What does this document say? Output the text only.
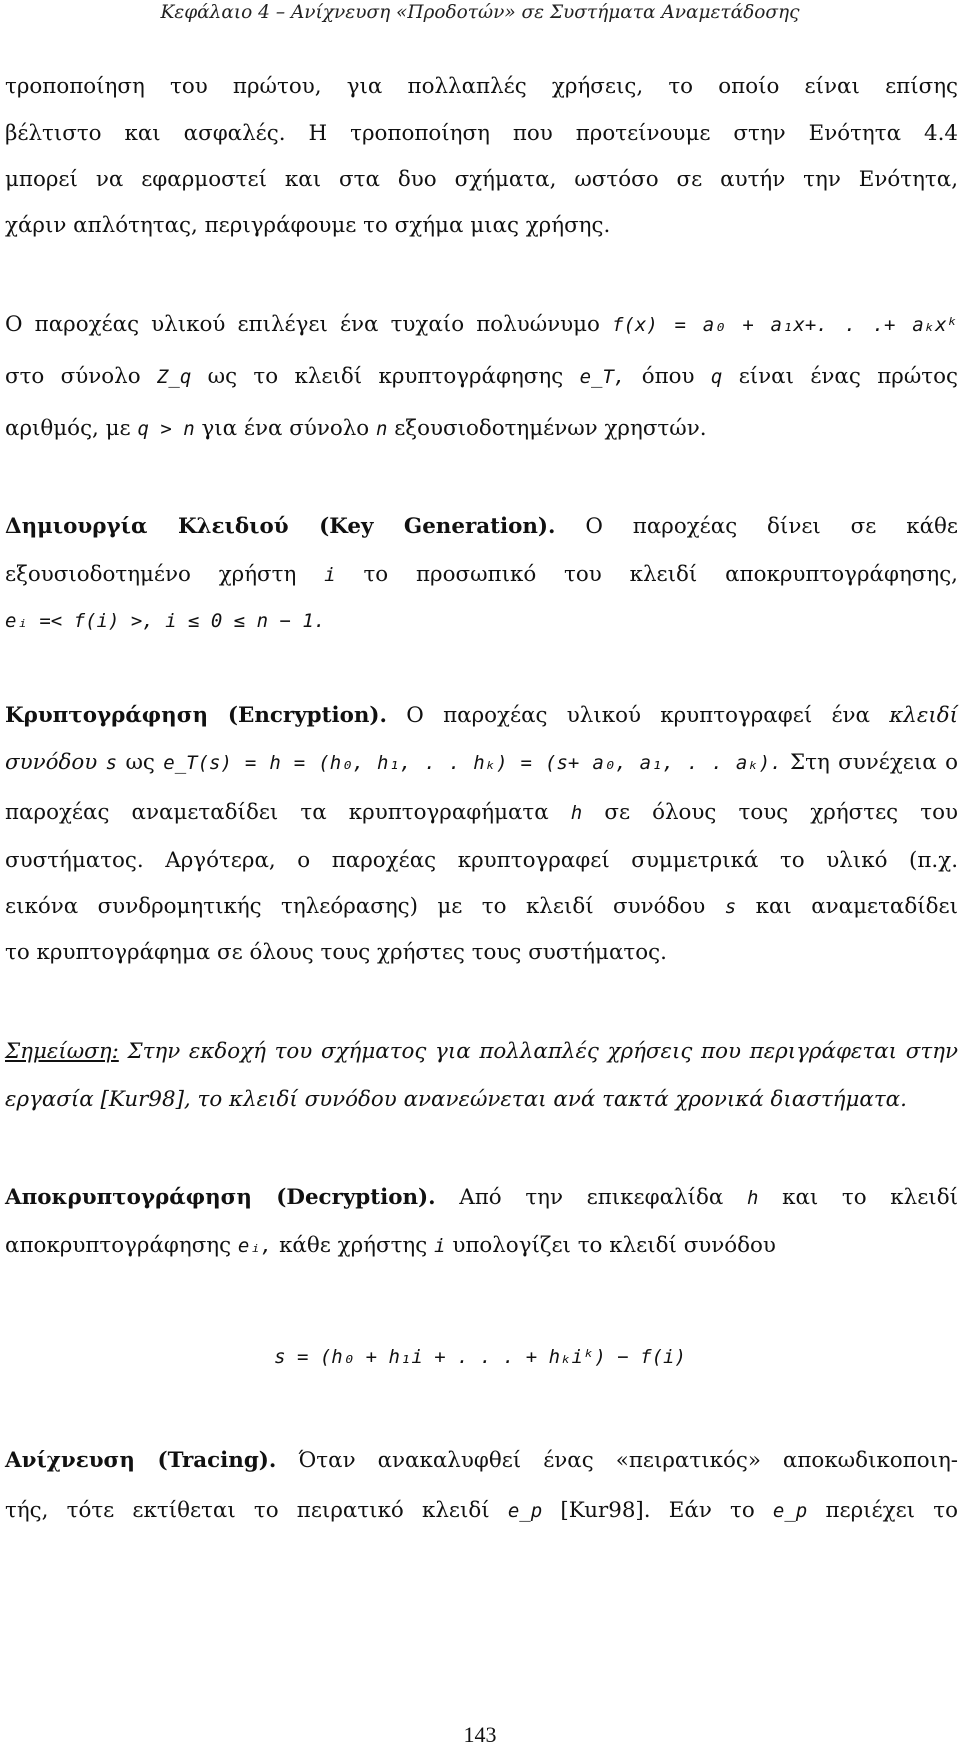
Κεφάλαιο 4 – Ανίχνευση «Προδοτών» σε Συστήματα Αναμετάδοσης
τροποποίηση του πρώτου, για πολλαπλές χρήσεις, το οποίο είναι επίσης
βέλτιστο και ασφαλές. Η τροποποίηση που προτείνουμε στην Ενότητα 4.4
μπορεί να εφαρμοστεί και στα δυο σχήματα, ωστόσο σε αυτήν την Ενότητα,
χάριν απλότητας, περιγράφουμε το σχήμα μιας χρήσης.
Ο παροχέας υλικού επιλέγει ένα τυχαίο πολυώνυμο f(x) = a₀ + a₁x+. . .+ aₖxᵏ
στο σύνολο Z_q ως το κλειδί κρυπτογράφησης e_T, όπου q είναι ένας πρώτος
αριθμός, με q > n για ένα σύνολο n εξουσιοδοτημένων χρηστών.
Δημιουργία Κλειδιού (Key Generation). Ο παροχέας δίνει σε κάθε
εξουσιοδοτημένο χρήστη i το προσωπικό του κλειδί αποκρυπτογράφησης,
eᵢ =< f(i) >, i ≤ 0 ≤ n − 1.
Κρυπτογράφηση (Encryption). Ο παροχέας υλικού κρυπτογραφεί ένα κλειδί
συνόδου s ως e_T(s) = h = (h₀, h₁, . . hₖ) = (s+ a₀, a₁, . . aₖ). Στη συνέχεια ο
παροχέας αναμεταδίδει τα κρυπτογραφήματα h σε όλους τους χρήστες του
συστήματος. Αργότερα, ο παροχέας κρυπτογραφεί συμμετρικά το υλικό (π.χ.
εικόνα συνδρομητικής τηλεόρασης) με το κλειδί συνόδου s και αναμεταδίδει
το κρυπτογράφημα σε όλους τους χρήστες τους συστήματος.
Σημείωση: Στην εκδοχή του σχήματος για πολλαπλές χρήσεις που περιγράφεται στην
εργασία [Kur98], το κλειδί συνόδου ανανεώνεται ανά τακτά χρονικά διαστήματα.
Αποκρυπτογράφηση (Decryption). Από την επικεφαλίδα h και το κλειδί
αποκρυπτογράφησης eᵢ, κάθε χρήστης i υπολογίζει το κλειδί συνόδου
s = (h₀ + h₁i + . . . + hₖiᵏ) − f(i)
Ανίχνευση (Tracing). Όταν ανακαλυφθεί ένας «πειρατικός» αποκωδικοποιη-
τής, τότε εκτίθεται το πειρατικό κλειδί e_p [Kur98]. Εάν το e_p περιέχει το
143
